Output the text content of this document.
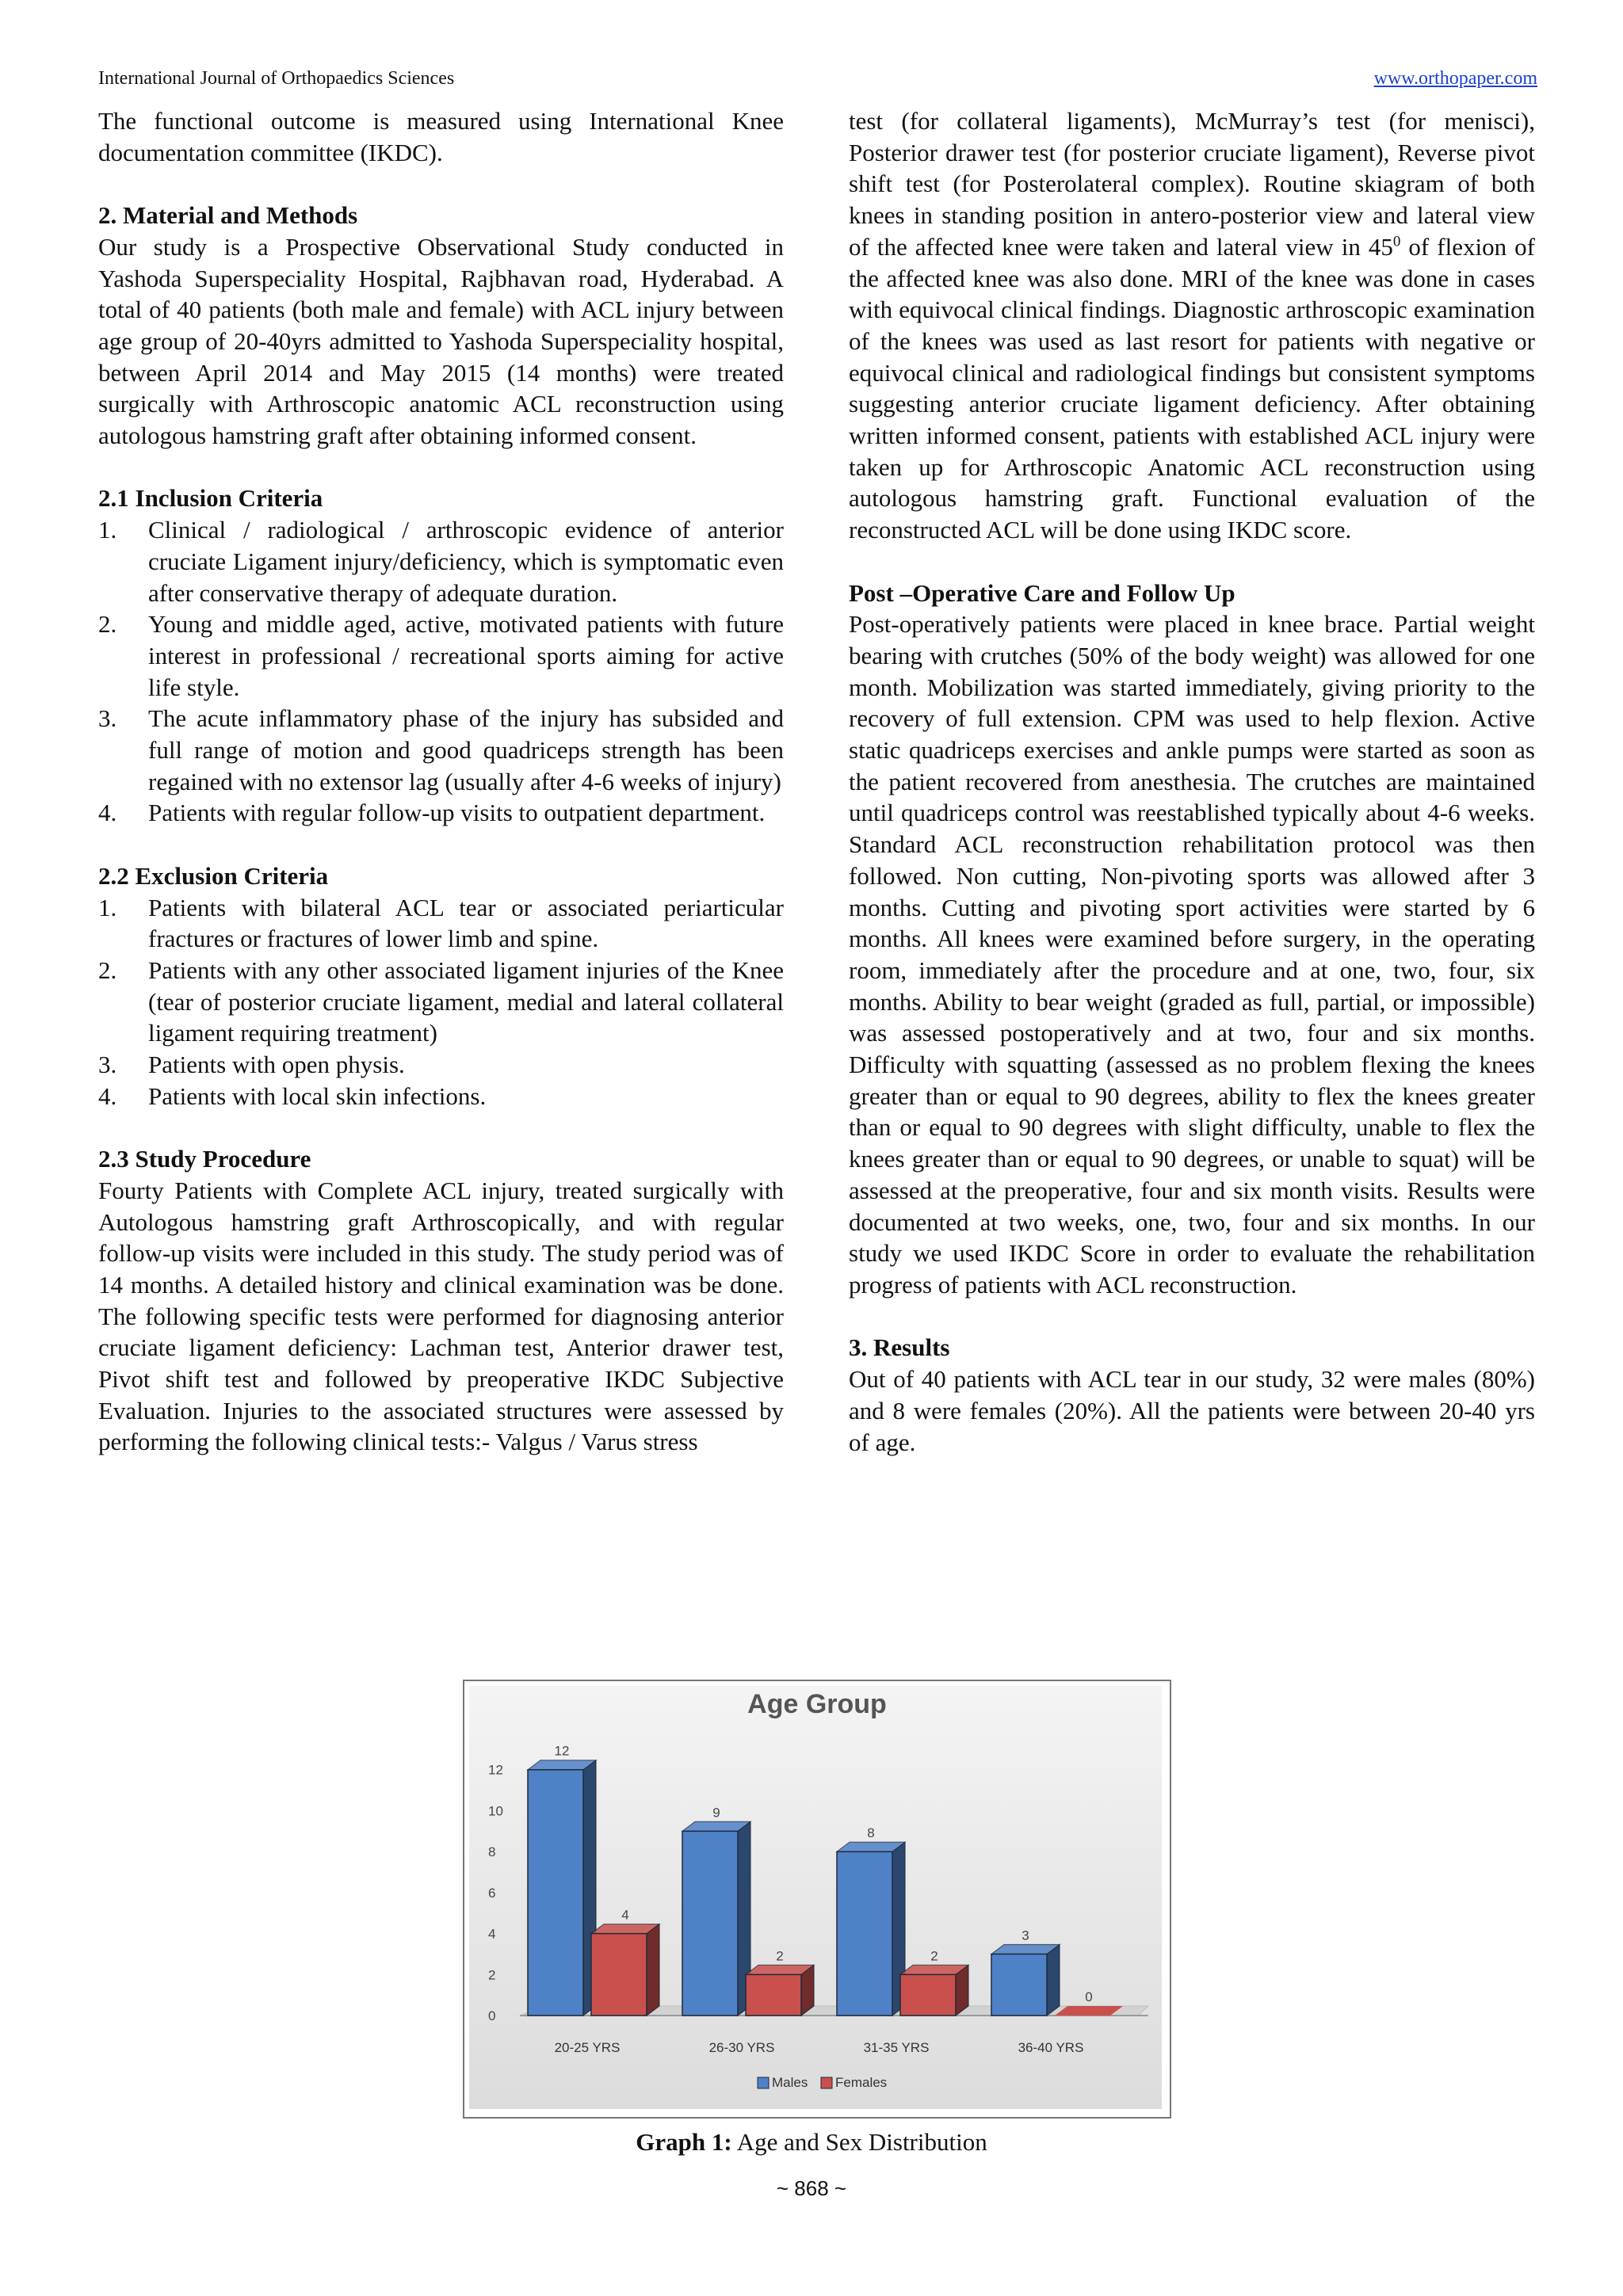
International Journal of Orthopaedics Sciences	www.orthopaper.com

The functional outcome is measured using International Knee documentation committee (IKDC).

2. Material and Methods

Our study is a Prospective Observational Study conducted in Yashoda Superspeciality Hospital, Rajbhavan road, Hyderabad. A total of 40 patients (both male and female) with ACL injury between age group of 20-40yrs admitted to Yashoda Superspeciality hospital, between April 2014 and May 2015 (14 months) were treated surgically with Arthroscopic anatomic ACL reconstruction using autologous hamstring graft after obtaining informed consent.

2.1 Inclusion Criteria
1. Clinical / radiological / arthroscopic evidence of anterior cruciate Ligament injury/deficiency, which is symptomatic even after conservative therapy of adequate duration.
2. Young and middle aged, active, motivated patients with future interest in professional / recreational sports aiming for active life style.
3. The acute inflammatory phase of the injury has subsided and full range of motion and good quadriceps strength has been regained with no extensor lag (usually after 4-6 weeks of injury)
4. Patients with regular follow-up visits to outpatient department.
2.2 Exclusion Criteria
1. Patients with bilateral ACL tear or associated periarticular fractures or fractures of lower limb and spine.
2. Patients with any other associated ligament injuries of the Knee (tear of posterior cruciate ligament, medial and lateral collateral ligament requiring treatment)
3. Patients with open physis.
4. Patients with local skin infections.
2.3 Study Procedure

Fourty Patients with Complete ACL injury, treated surgically with Autologous hamstring graft Arthroscopically, and with regular follow-up visits were included in this study. The study period was of 14 months. A detailed history and clinical examination was be done. The following specific tests were performed for diagnosing anterior cruciate ligament deficiency: Lachman test, Anterior drawer test, Pivot shift test and followed by preoperative IKDC Subjective Evaluation. Injuries to the associated structures were assessed by performing the following clinical tests:- Valgus / Varus stress

test (for collateral ligaments), McMurray’s test (for menisci), Posterior drawer test (for posterior cruciate ligament), Reverse pivot shift test (for Posterolateral complex). Routine skiagram of both knees in standing position in antero-posterior view and lateral view of the affected knee were taken and lateral view in $45^0$ of flexion of the affected knee was also done. MRI of the knee was done in cases with equivocal clinical findings. Diagnostic arthroscopic examination of the knees was used as last resort for patients with negative or equivocal clinical and radiological findings but consistent symptoms suggesting anterior cruciate ligament deficiency. After obtaining written informed consent, patients with established ACL injury were taken up for Arthroscopic Anatomic ACL reconstruction using autologous hamstring graft. Functional evaluation of the reconstructed ACL will be done using IKDC score.

Post –Operative Care and Follow Up

Post-operatively patients were placed in knee brace. Partial weight bearing with crutches (50% of the body weight) was allowed for one month. Mobilization was started immediately, giving priority to the recovery of full extension. CPM was used to help flexion. Active static quadriceps exercises and ankle pumps were started as soon as the patient recovered from anesthesia. The crutches are maintained until quadriceps control was reestablished typically about 4-6 weeks. Standard ACL reconstruction rehabilitation protocol was then followed. Non cutting, Non-pivoting sports was allowed after 3 months. Cutting and pivoting sport activities were started by 6 months. All knees were examined before surgery, in the operating room, immediately after the procedure and at one, two, four, six months. Ability to bear weight (graded as full, partial, or impossible) was assessed postoperatively and at two, four and six months. Difficulty with squatting (assessed as no problem flexing the knees greater than or equal to 90 degrees, ability to flex the knees greater than or equal to 90 degrees with slight difficulty, unable to flex the knees greater than or equal to 90 degrees, or unable to squat) will be assessed at the preoperative, four and six month visits. Results were documented at two weeks, one, two, four and six months. In our study we used IKDC Score in order to evaluate the rehabilitation progress of patients with ACL reconstruction.

3. Results

Out of 40 patients with ACL tear in our study, 32 were males (80%) and 8 were females (20%). All the patients were between 20-40 yrs of age.

Age Group
0
2
4
6
8
10
12
12
4
20-25 YRS
9
2
26-30 YRS
8
2
31-35 YRS
3
0
36-40 YRS
Males Females
Graph 1: Age and Sex Distribution
~ 868 ~
